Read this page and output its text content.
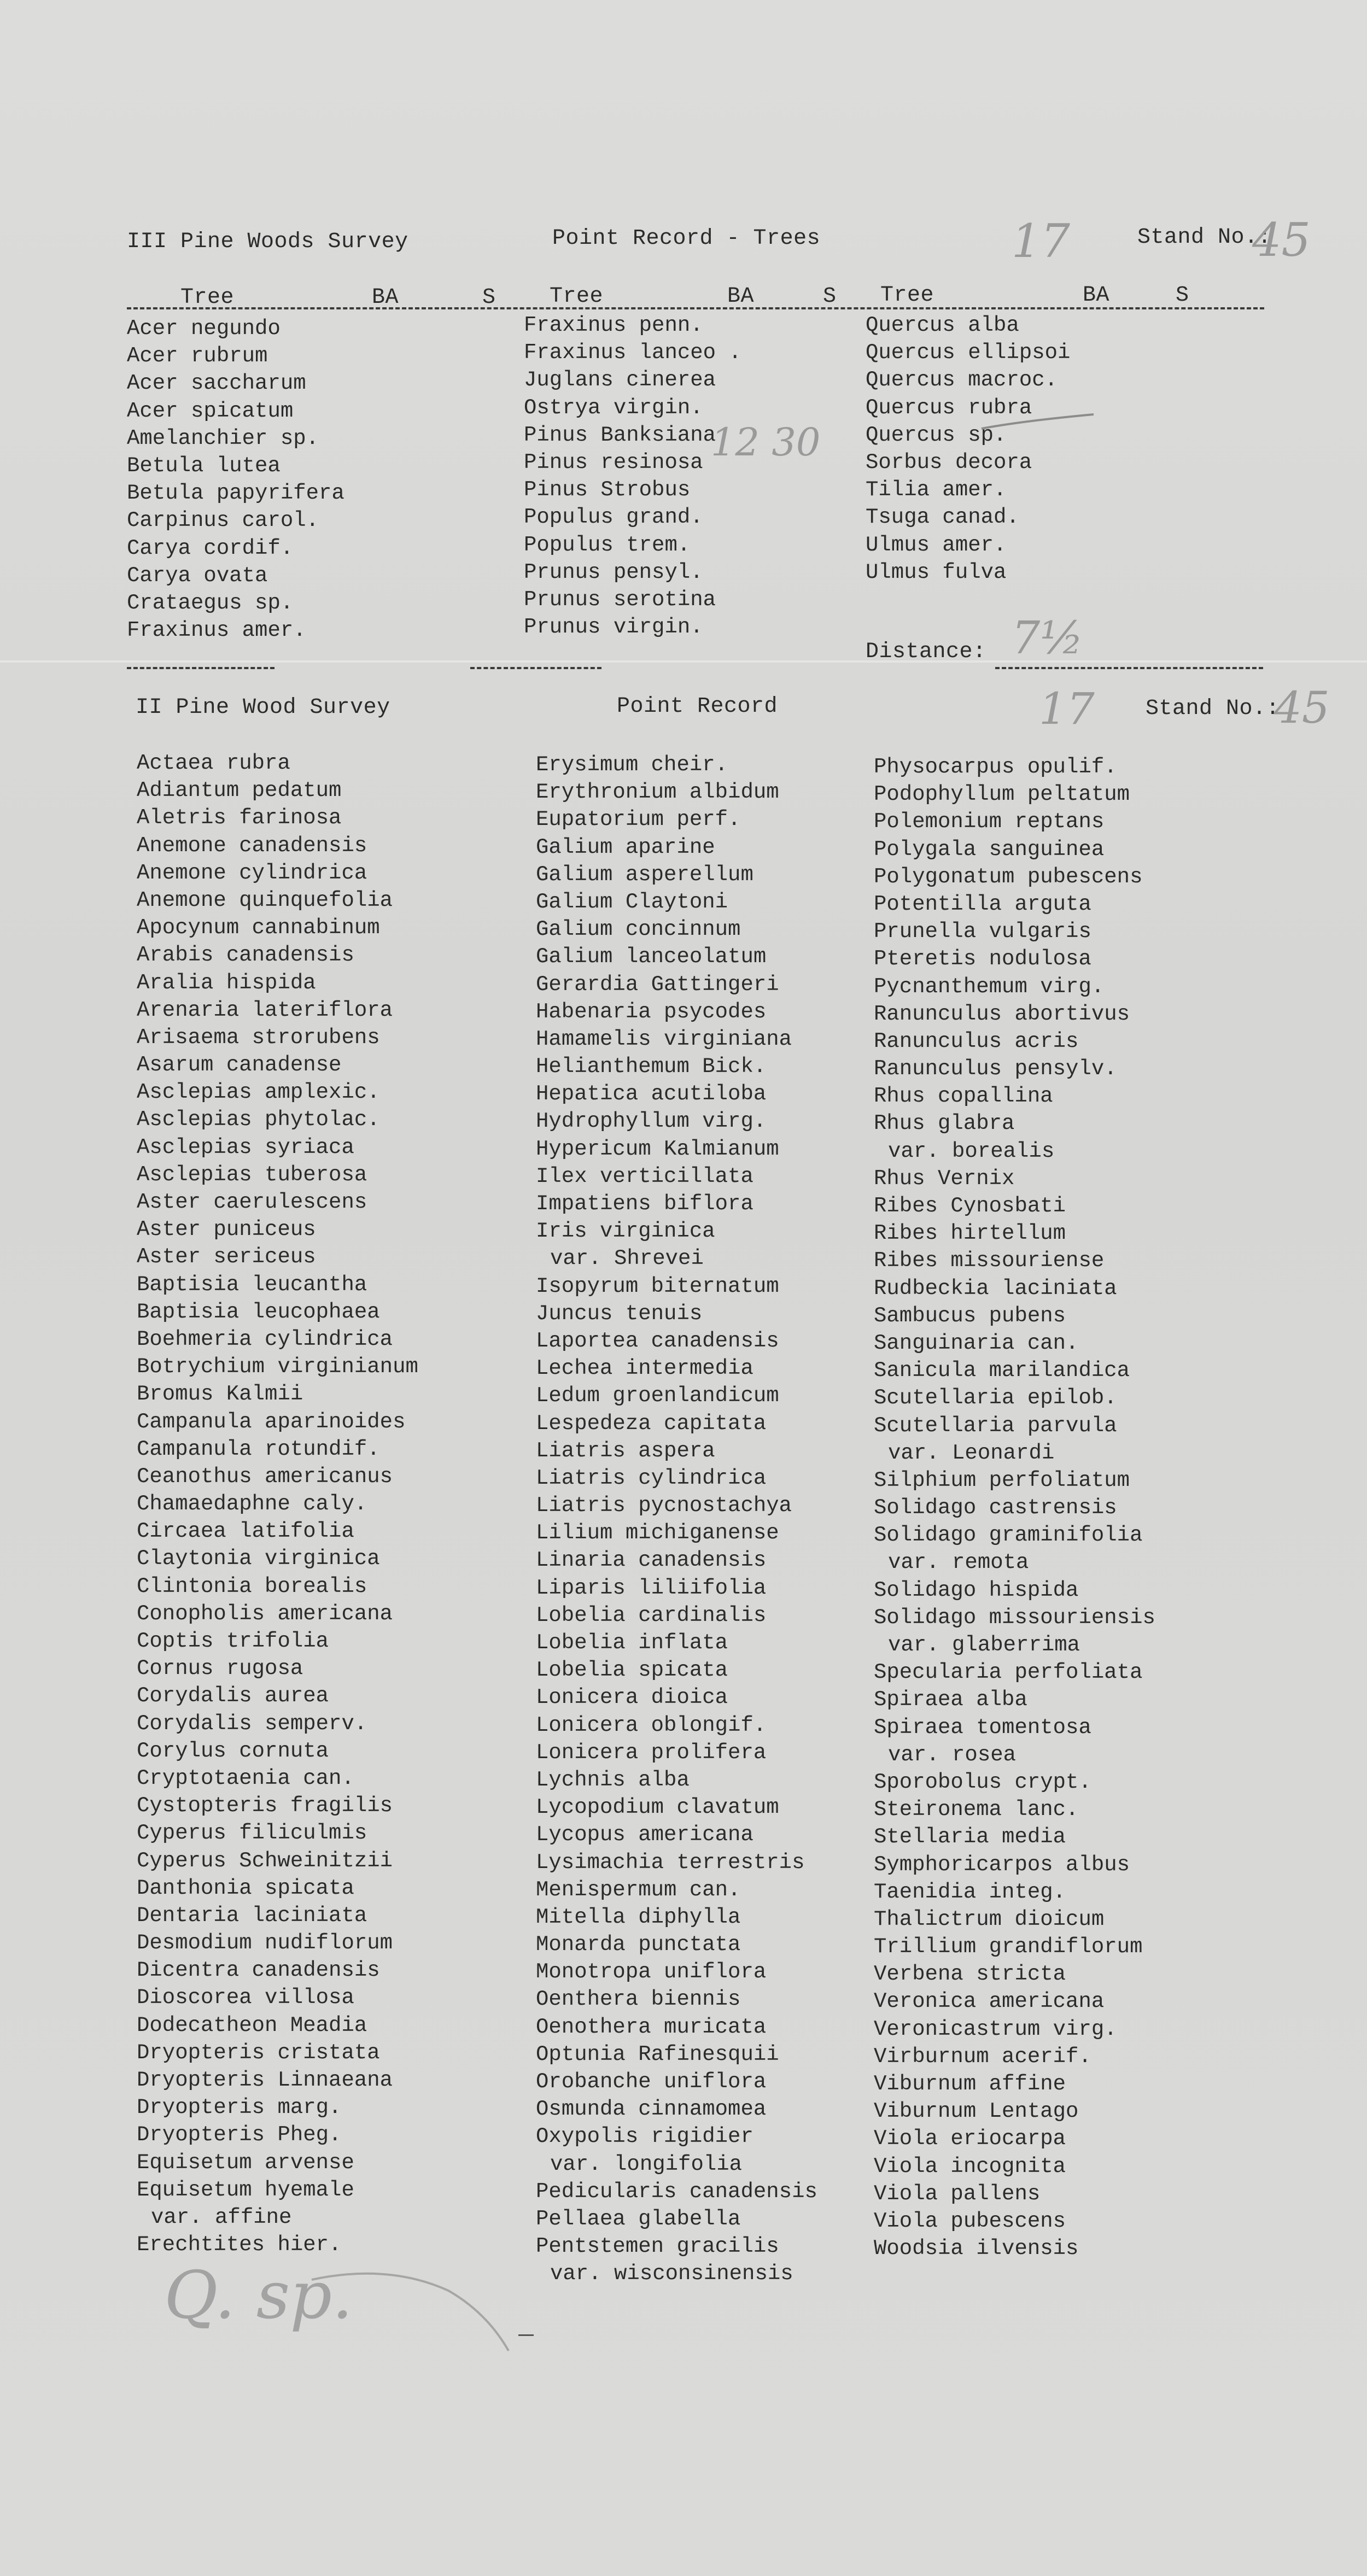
III Pine Woods Survey	Point Record - Trees	17	Stand No.:
45
Tree	BA	S Tree	BA	S Tree	BA	S
Acer negundo
Acer rubrum
Acer saccharum
Acer spicatum
Amelanchier sp.
Betula lutea
Betula papyrifera
Carpinus carol.
Carya cordif.
Carya ovata
Crataegus sp.
Fraxinus amer.
Fraxinus penn.
Fraxinus lanceo .
Juglans cinerea
Ostrya virgin.
Pinus Banksiana
Pinus resinosa
Pinus Strobus
Populus grand.
Populus trem.
Prunus pensyl.
Prunus serotina
Prunus virgin.
Quercus alba
Quercus ellipsoi
Quercus macroc.
Quercus rubra
Quercus sp.
Sorbus decora
Tilia amer.
Tsuga canad.
Ulmus amer.
Ulmus fulva
12 30
Distance: 7½
II Pine Wood Survey	Point Record	17 Stand No.:
45
Actaea rubra
Adiantum pedatum
Aletris farinosa
Anemone canadensis
Anemone cylindrica
Anemone quinquefolia
Apocynum cannabinum
Arabis canadensis
Aralia hispida
Arenaria lateriflora
Arisaema strorubens
Asarum canadense
Asclepias amplexic.
Asclepias phytolac.
Asclepias syriaca
Asclepias tuberosa
Aster caerulescens
Aster puniceus
Aster sericeus
Baptisia leucantha
Baptisia leucophaea
Boehmeria cylindrica
Botrychium virginianum
Bromus Kalmii
Campanula aparinoides
Campanula rotundif.
Ceanothus americanus
Chamaedaphne caly.
Circaea latifolia
Claytonia virginica
Clintonia borealis
Conopholis americana
Coptis trifolia
Cornus rugosa
Corydalis aurea
Corydalis semperv.
Corylus cornuta
Cryptotaenia can.
Cystopteris fragilis
Cyperus filiculmis
Cyperus Schweinitzii
Danthonia spicata
Dentaria laciniata
Desmodium nudiflorum
Dicentra canadensis
Dioscorea villosa
Dodecatheon Meadia
Dryopteris cristata
Dryopteris Linnaeana
Dryopteris marg.
Dryopteris Pheg.
Equisetum arvense
Equisetum hyemale
var. affine
Erechtites hier.
Erysimum cheir.
Erythronium albidum
Eupatorium perf.
Galium aparine
Galium asperellum
Galium Claytoni
Galium concinnum
Galium lanceolatum
Gerardia Gattingeri
Habenaria psycodes
Hamamelis virginiana
Helianthemum Bick.
Hepatica acutiloba
Hydrophyllum virg.
Hypericum Kalmianum
Ilex verticillata
Impatiens biflora
Iris virginica
var. Shrevei
Isopyrum biternatum
Juncus tenuis
Laportea canadensis
Lechea intermedia
Ledum groenlandicum
Lespedeza capitata
Liatris aspera
Liatris cylindrica
Liatris pycnostachya
Lilium michiganense
Linaria canadensis
Liparis liliifolia
Lobelia cardinalis
Lobelia inflata
Lobelia spicata
Lonicera dioica
Lonicera oblongif.
Lonicera prolifera
Lychnis alba
Lycopodium clavatum
Lycopus americana
Lysimachia terrestris
Menispermum can.
Mitella diphylla
Monarda punctata
Monotropa uniflora
Oenthera biennis
Oenothera muricata
Optunia Rafinesquii
Orobanche uniflora
Osmunda cinnamomea
Oxypolis rigidier
var. longifolia
Pedicularis canadensis
Pellaea glabella
Pentstemen gracilis
var. wisconsinensis
Physocarpus opulif.
Podophyllum peltatum
Polemonium reptans
Polygala sanguinea
Polygonatum pubescens
Potentilla arguta
Prunella vulgaris
Pteretis nodulosa
Pycnanthemum virg.
Ranunculus abortivus
Ranunculus acris
Ranunculus pensylv.
Rhus copallina
Rhus glabra
var. borealis
Rhus Vernix
Ribes Cynosbati
Ribes hirtellum
Ribes missouriense
Rudbeckia laciniata
Sambucus pubens
Sanguinaria can.
Sanicula marilandica
Scutellaria epilob.
Scutellaria parvula
var. Leonardi
Silphium perfoliatum
Solidago castrensis
Solidago graminifolia
var. remota
Solidago hispida
Solidago missouriensis
var. glaberrima
Specularia perfoliata
Spiraea alba
Spiraea tomentosa
var. rosea
Sporobolus crypt.
Steironema lanc.
Stellaria media
Symphoricarpos albus
Taenidia integ.
Thalictrum dioicum
Trillium grandiflorum
Verbena stricta
Veronica americana
Veronicastrum virg.
Virburnum acerif.
Viburnum affine
Viburnum Lentago
Viola eriocarpa
Viola incognita
Viola pallens
Viola pubescens
Woodsia ilvensis
Q. sp.
